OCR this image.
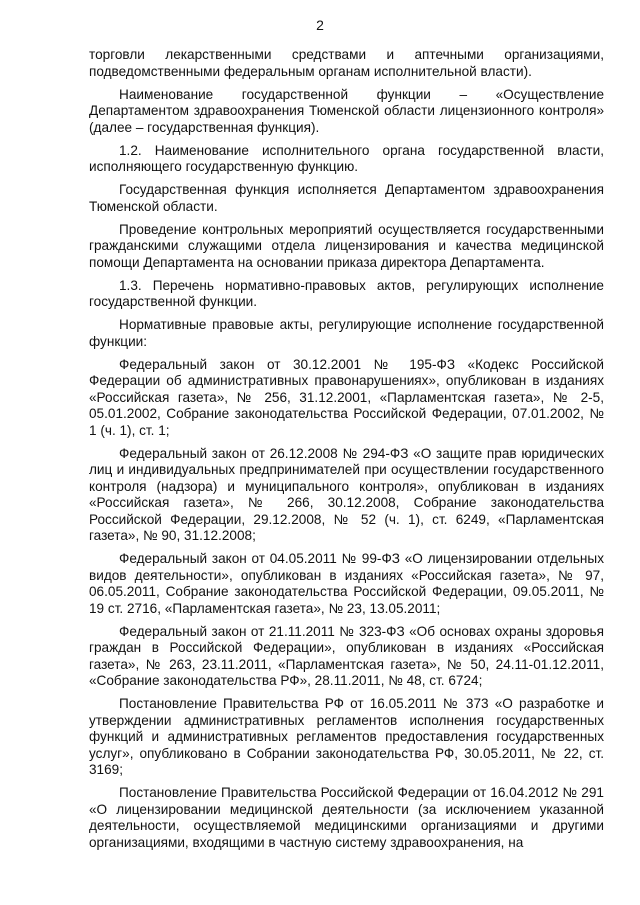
2

торговли лекарственными средствами и аптечными организациями, подведомственными федеральным органам исполнительной власти).

Наименование государственной функции – «Осуществление Департаментом здравоохранения Тюменской области лицензионного контроля» (далее – государственная функция).

1.2. Наименование исполнительного органа государственной власти, исполняющего государственную функцию.

Государственная функция исполняется Департаментом здравоохранения Тюменской области.

Проведение контрольных мероприятий осуществляется государственными гражданскими служащими отдела лицензирования и качества медицинской помощи Департамента на основании приказа директора Департамента.

1.3. Перечень нормативно-правовых актов, регулирующих исполнение государственной функции.

Нормативные правовые акты, регулирующие исполнение государственной функции:

Федеральный закон от 30.12.2001 № 195-ФЗ «Кодекс Российской Федерации об административных правонарушениях», опубликован в изданиях «Российская газета», № 256, 31.12.2001, «Парламентская газета», № 2-5, 05.01.2002, Собрание законодательства Российской Федерации, 07.01.2002, № 1 (ч. 1), ст. 1;

Федеральный закон от 26.12.2008 № 294-ФЗ «О защите прав юридических лиц и индивидуальных предпринимателей при осуществлении государственного контроля (надзора) и муниципального контроля», опубликован в изданиях «Российская газета», № 266, 30.12.2008, Собрание законодательства Российской Федерации, 29.12.2008, № 52 (ч. 1), ст. 6249, «Парламентская газета», № 90, 31.12.2008;

Федеральный закон от 04.05.2011 № 99-ФЗ «О лицензировании отдельных видов деятельности», опубликован в изданиях «Российская газета», № 97, 06.05.2011, Собрание законодательства Российской Федерации, 09.05.2011, № 19 ст. 2716, «Парламентская газета», № 23, 13.05.2011;

Федеральный закон от 21.11.2011 № 323-ФЗ «Об основах охраны здоровья граждан в Российской Федерации», опубликован в изданиях «Российская газета», № 263, 23.11.2011, «Парламентская газета», № 50, 24.11-01.12.2011, «Собрание законодательства РФ», 28.11.2011, № 48, ст. 6724;

Постановление Правительства РФ от 16.05.2011 № 373 «О разработке и утверждении административных регламентов исполнения государственных функций и административных регламентов предоставления государственных услуг», опубликовано в Собрании законодательства РФ, 30.05.2011, № 22, ст. 3169;

Постановление Правительства Российской Федерации от 16.04.2012 № 291 «О лицензировании медицинской деятельности (за исключением указанной деятельности, осуществляемой медицинскими организациями и другими организациями, входящими в частную систему здравоохранения, на
